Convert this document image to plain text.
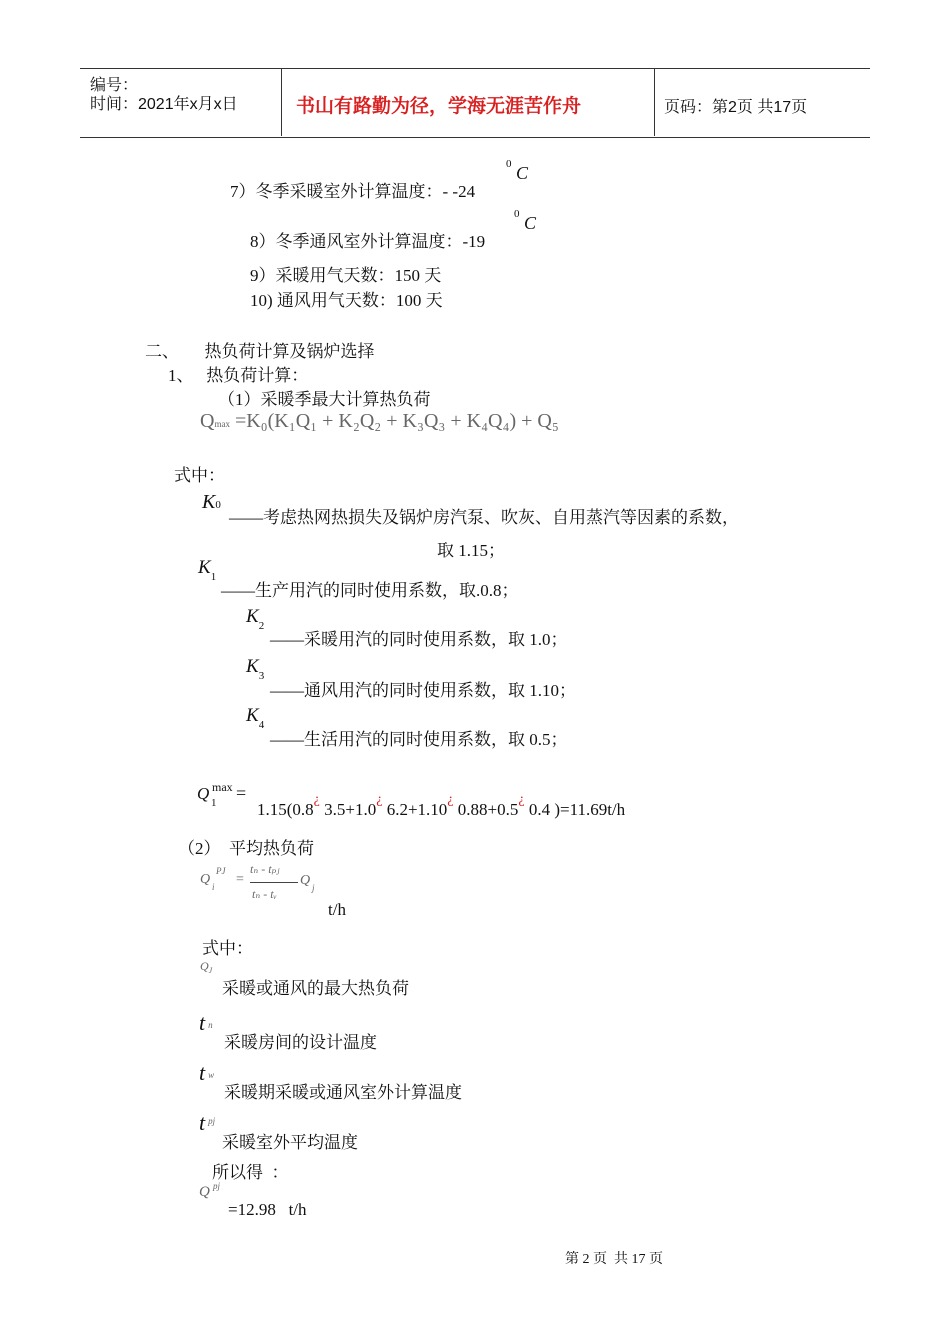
编号：
时间：2021年x月x日	书山有路勤为径，学海无涯苦作舟	页码：第2页 共17页
7）冬季采暖室外计算温度：- -24
0 C
8）冬季通风室外计算温度：-19
0 C
9）采暖用气天数：150 天
10) 通风用气天数：100 天
二、      热负荷计算及锅炉选择
1、   热负荷计算：
（1）采暖季最大计算热负荷
Qmax =K₀(K₁Q₁ + K₂Q₂ + K₃Q₃ + K₄Q₄) + Q₅
式中：
K0
——考虑热网热损失及锅炉房汽泵、吹灰、自用蒸汽等因素的系数，
取 1.15；
$K_1$
——生产用汽的同时使用系数，取.0.8；
$K_2$
——采暖用汽的同时使用系数，取 1.0；
$K_3$
——通风用汽的同时使用系数，取 1.10；
$K_4$
——生活用汽的同时使用系数，取 0.5；
Q max
1 =
1.15(0.8¿ 3.5+1.0¿ 6.2+1.10¿ 0.88+0.5¿ 0.4 )=11.69t/h
（2）  平均热负荷
Q i
PJ
=
tₙ - tₚⱼ
tₙ - tᵥ
Q j
t/h
式中：
$Q_J$
采暖或通风的最大热负荷
tn
采暖房间的设计温度
tw
采暖期采暖或通风室外计算温度
t $^{pj}$
采暖室外平均温度
所以得  ：
Q pj
=12.98   t/h
第 2 页  共 17 页
